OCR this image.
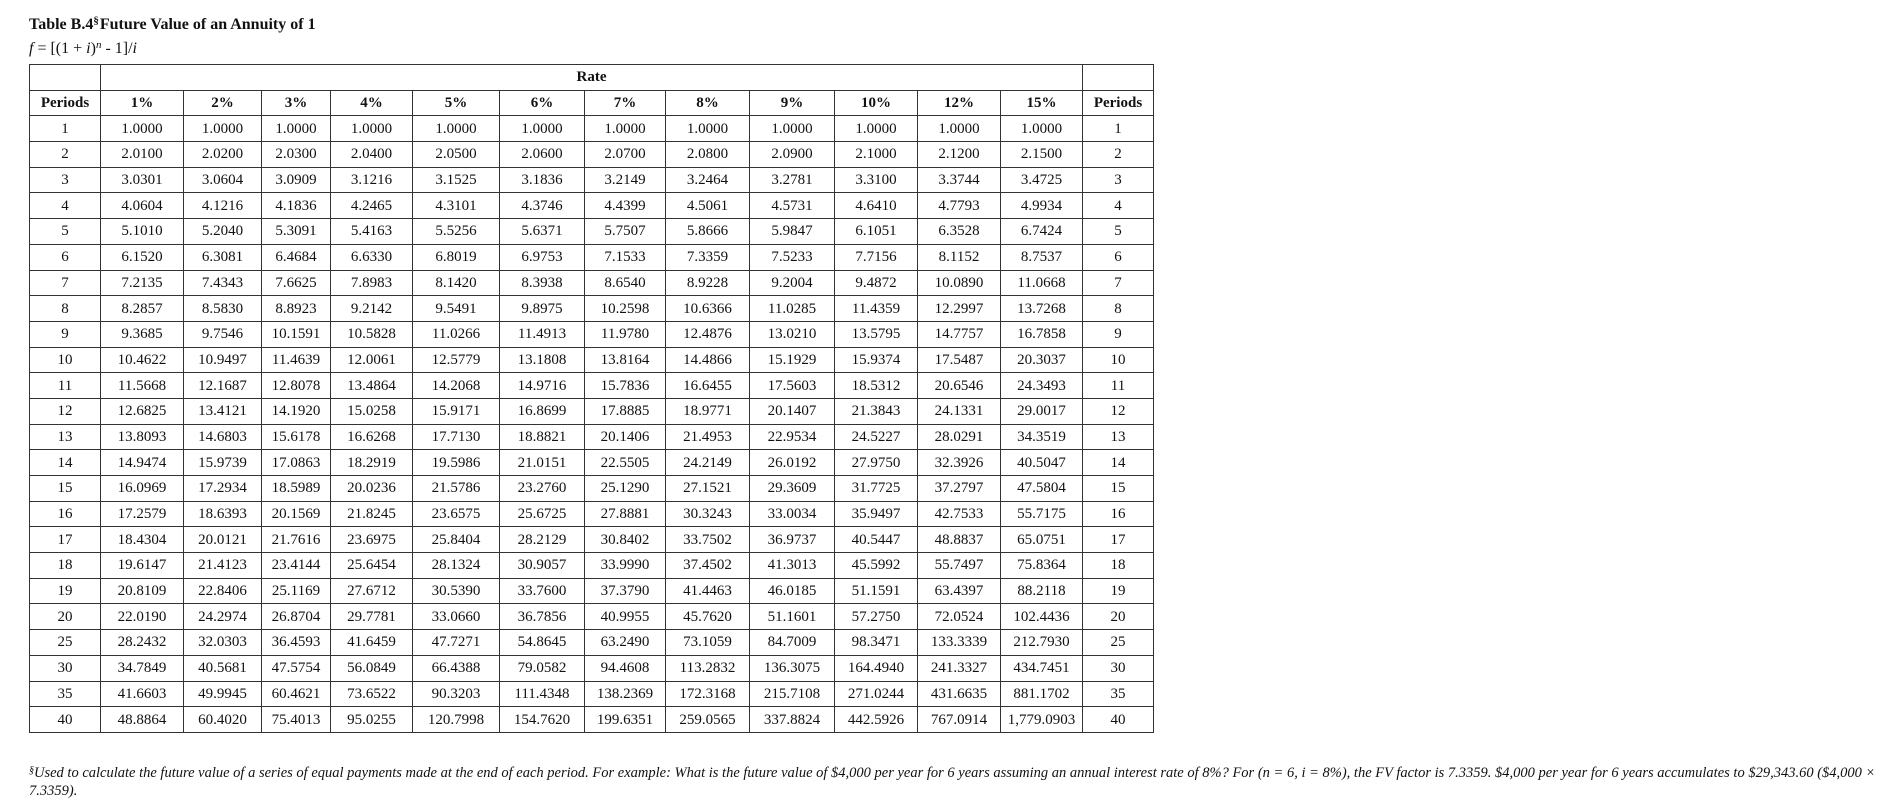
Table B.4§Future Value of an Annuity of 1
$f = [(1 + i)^n - 1]/i$
	Rate												
Periods	1%	2%	3%	4%	5%	6%	7%	8%	9%	10%	12%	15%	Periods
1	1.0000	1.0000	1.0000	1.0000	1.0000	1.0000	1.0000	1.0000	1.0000	1.0000	1.0000	1.0000	1
2	2.0100	2.0200	2.0300	2.0400	2.0500	2.0600	2.0700	2.0800	2.0900	2.1000	2.1200	2.1500	2
3	3.0301	3.0604	3.0909	3.1216	3.1525	3.1836	3.2149	3.2464	3.2781	3.3100	3.3744	3.4725	3
4	4.0604	4.1216	4.1836	4.2465	4.3101	4.3746	4.4399	4.5061	4.5731	4.6410	4.7793	4.9934	4
5	5.1010	5.2040	5.3091	5.4163	5.5256	5.6371	5.7507	5.8666	5.9847	6.1051	6.3528	6.7424	5
6	6.1520	6.3081	6.4684	6.6330	6.8019	6.9753	7.1533	7.3359	7.5233	7.7156	8.1152	8.7537	6
7	7.2135	7.4343	7.6625	7.8983	8.1420	8.3938	8.6540	8.9228	9.2004	9.4872	10.0890	11.0668	7
8	8.2857	8.5830	8.8923	9.2142	9.5491	9.8975	10.2598	10.6366	11.0285	11.4359	12.2997	13.7268	8
9	9.3685	9.7546	10.1591	10.5828	11.0266	11.4913	11.9780	12.4876	13.0210	13.5795	14.7757	16.7858	9
10	10.4622	10.9497	11.4639	12.0061	12.5779	13.1808	13.8164	14.4866	15.1929	15.9374	17.5487	20.3037	10
11	11.5668	12.1687	12.8078	13.4864	14.2068	14.9716	15.7836	16.6455	17.5603	18.5312	20.6546	24.3493	11
12	12.6825	13.4121	14.1920	15.0258	15.9171	16.8699	17.8885	18.9771	20.1407	21.3843	24.1331	29.0017	12
13	13.8093	14.6803	15.6178	16.6268	17.7130	18.8821	20.1406	21.4953	22.9534	24.5227	28.0291	34.3519	13
14	14.9474	15.9739	17.0863	18.2919	19.5986	21.0151	22.5505	24.2149	26.0192	27.9750	32.3926	40.5047	14
15	16.0969	17.2934	18.5989	20.0236	21.5786	23.2760	25.1290	27.1521	29.3609	31.7725	37.2797	47.5804	15
16	17.2579	18.6393	20.1569	21.8245	23.6575	25.6725	27.8881	30.3243	33.0034	35.9497	42.7533	55.7175	16
17	18.4304	20.0121	21.7616	23.6975	25.8404	28.2129	30.8402	33.7502	36.9737	40.5447	48.8837	65.0751	17
18	19.6147	21.4123	23.4144	25.6454	28.1324	30.9057	33.9990	37.4502	41.3013	45.5992	55.7497	75.8364	18
19	20.8109	22.8406	25.1169	27.6712	30.5390	33.7600	37.3790	41.4463	46.0185	51.1591	63.4397	88.2118	19
20	22.0190	24.2974	26.8704	29.7781	33.0660	36.7856	40.9955	45.7620	51.1601	57.2750	72.0524	102.4436	20
25	28.2432	32.0303	36.4593	41.6459	47.7271	54.8645	63.2490	73.1059	84.7009	98.3471	133.3339	212.7930	25
30	34.7849	40.5681	47.5754	56.0849	66.4388	79.0582	94.4608	113.2832	136.3075	164.4940	241.3327	434.7451	30
35	41.6603	49.9945	60.4621	73.6522	90.3203	111.4348	138.2369	172.3168	215.7108	271.0244	431.6635	881.1702	35
40	48.8864	60.4020	75.4013	95.0255	120.7998	154.7620	199.6351	259.0565	337.8824	442.5926	767.0914	1,779.0903	40
§Used to calculate the future value of a series of equal payments made at the end of each period. For example: What is the future value of $4,000 per year for 6 years assuming an annual interest rate of 8%? For (n = 6, i = 8%), the FV factor is 7.3359. $4,000 per year for 6 years accumulates to $29,343.60 ($4,000 × 7.3359).
